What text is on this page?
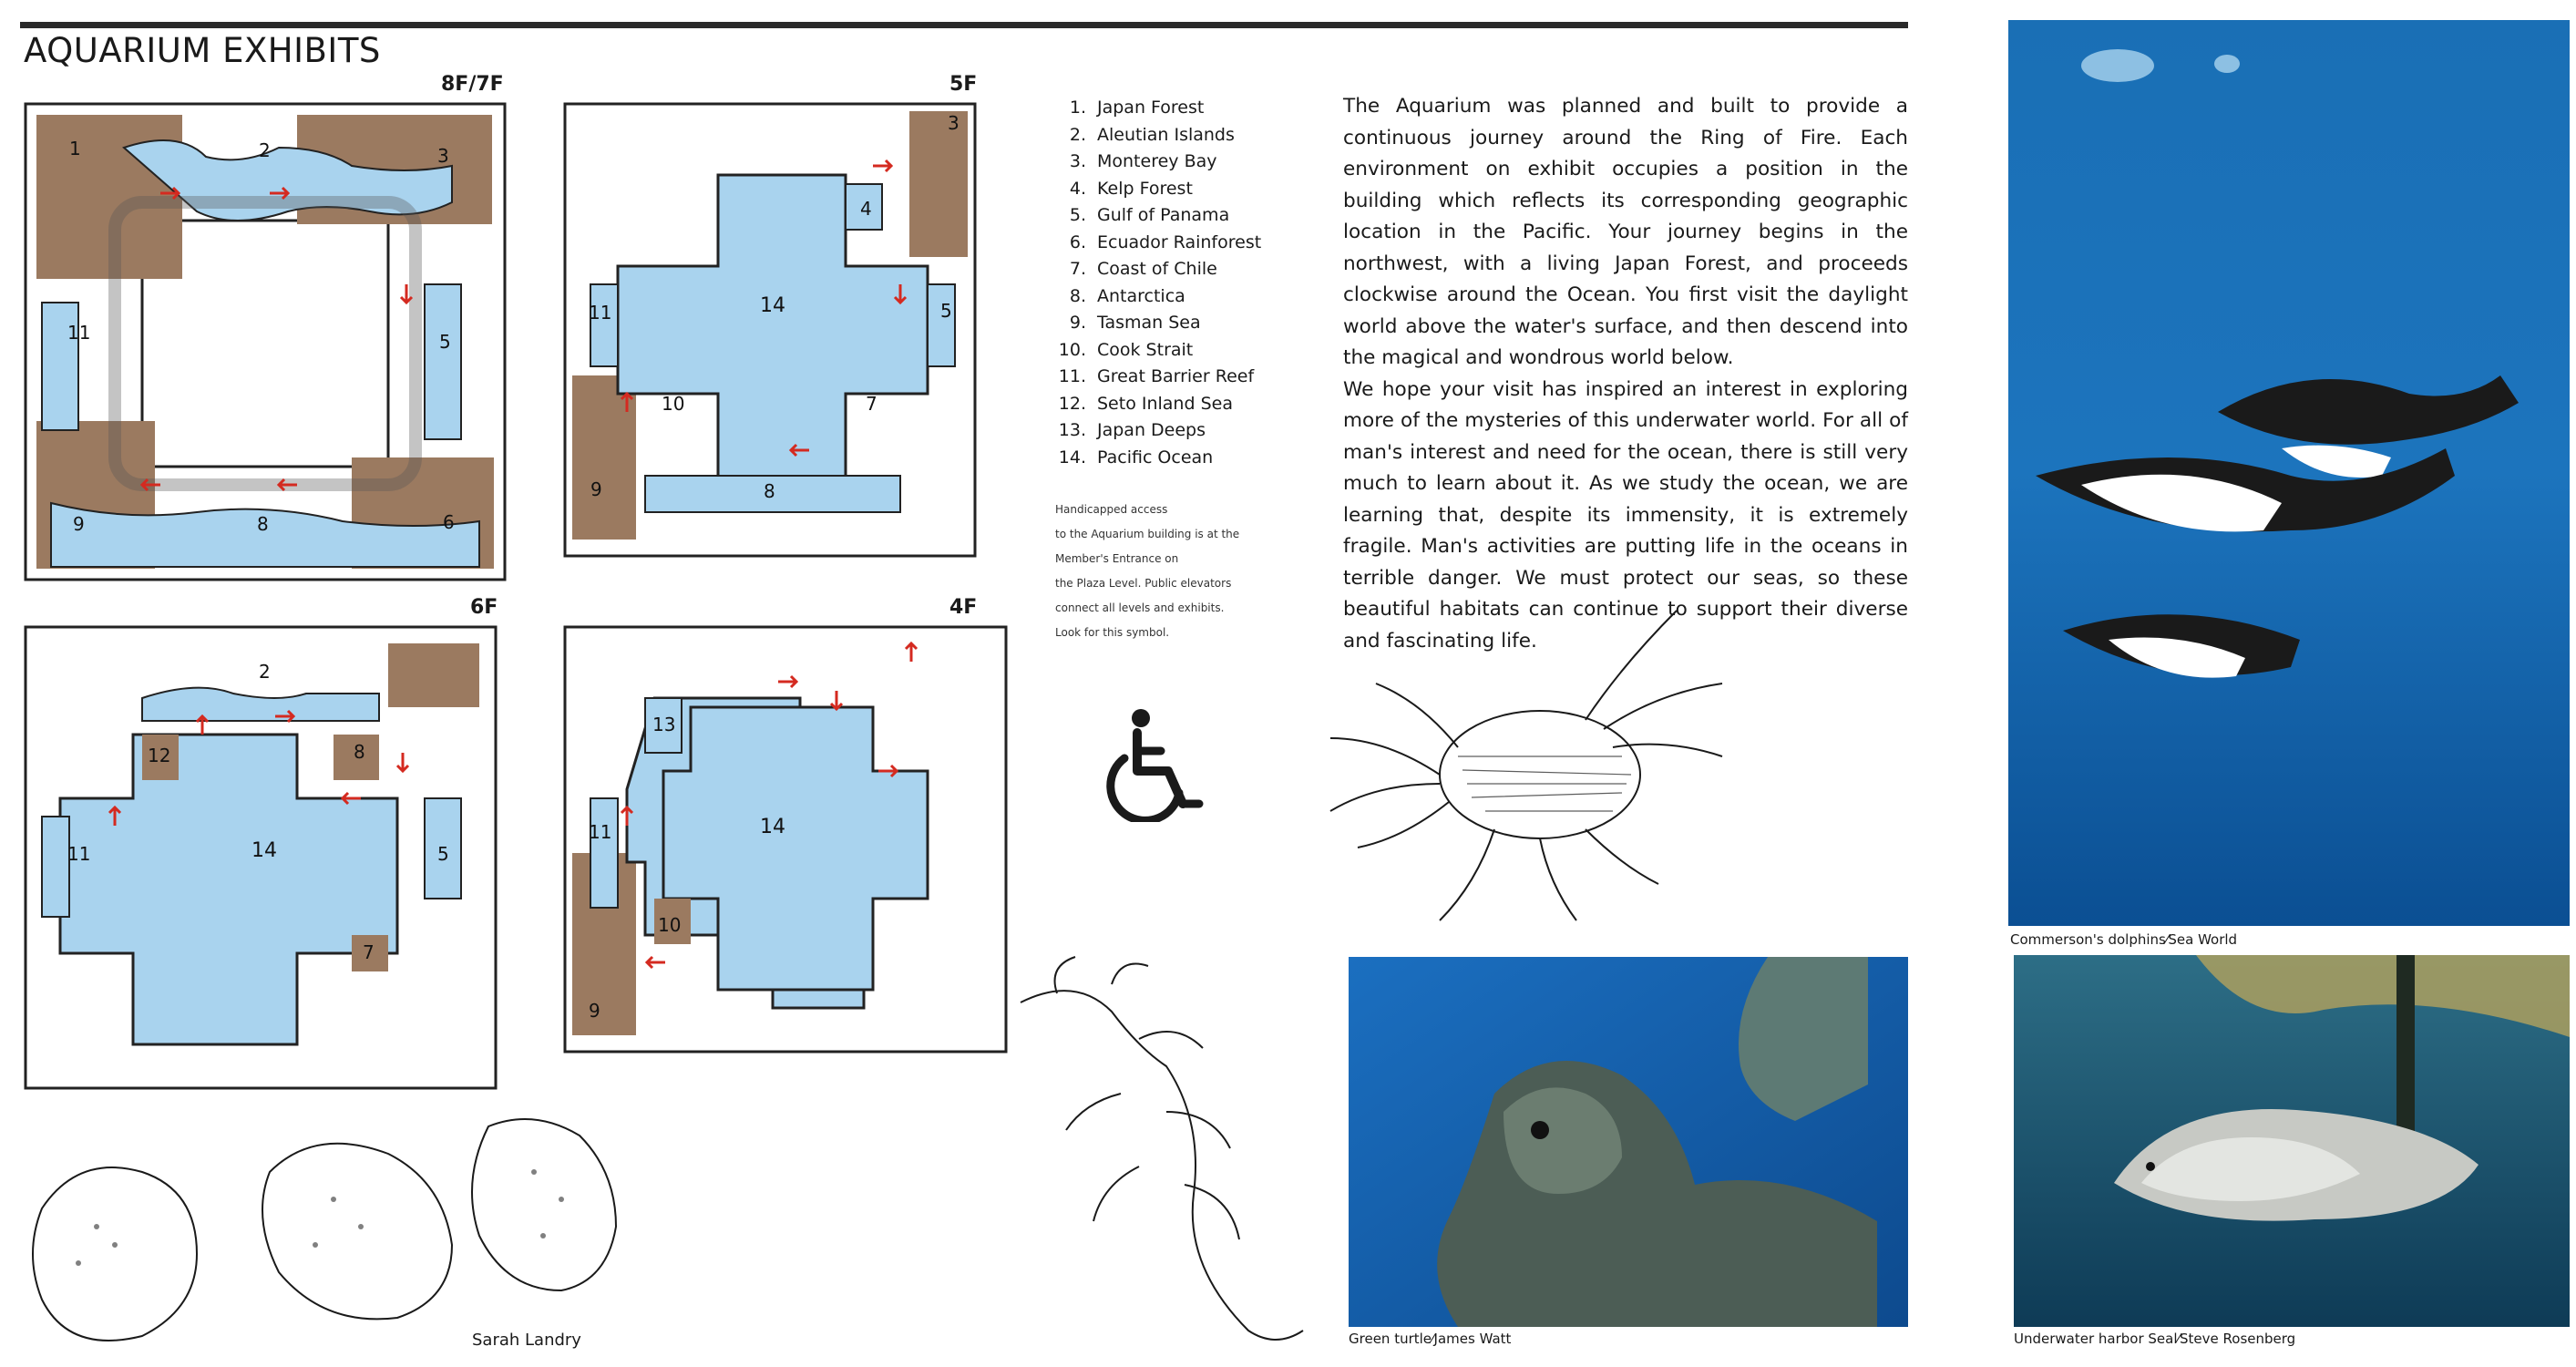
AQUARIUM EXHIBITS
8F/7F
1	2	3
5
6
8
9
11
5F
3
4
5
7
8
9
10
11	14
6F
2
5
7
8
11
12
14
4F
13
9
10
11	14
1. Japan Forest
2. Aleutian Islands
3. Monterey Bay
4. Kelp Forest
5. Gulf of Panama
6. Ecuador Rainforest
7. Coast of Chile
8. Antarctica
9. Tasman Sea
10. Cook Strait
11. Great Barrier Reef
12. Seto Inland Sea
13. Japan Deeps
14. Pacific Ocean
Handicapped access
to the Aquarium building is at the
Member's Entrance on
the Plaza Level. Public elevators
connect all levels and exhibits.
Look for this symbol.

The Aquarium was planned and built to provide a continuous journey around the Ring of Fire. Each environment on exhibit occupies a position in the building which reflects its corresponding geographic location in the Pacific. Your journey begins in the northwest, with a living Japan Forest, and proceeds clockwise around the Ocean. You first visit the daylight world above the water's surface, and then descend into the magical and wondrous world below.

We hope your visit has inspired an interest in exploring more of the mysteries of this underwater world. For all of man's interest and need for the ocean, there is still very much to learn about it. As we study the ocean, we are learning that, despite its immensity, it is extremely fragile. Man's activities are putting life in the oceans in terrible danger. We must protect our seas, so these beautiful habitats can continue to support their diverse and fascinating life.

Commerson's dolphins⁄Sea World
Green turtle⁄James Watt	Underwater harbor Seal⁄Steve Rosenberg
Sarah Landry
